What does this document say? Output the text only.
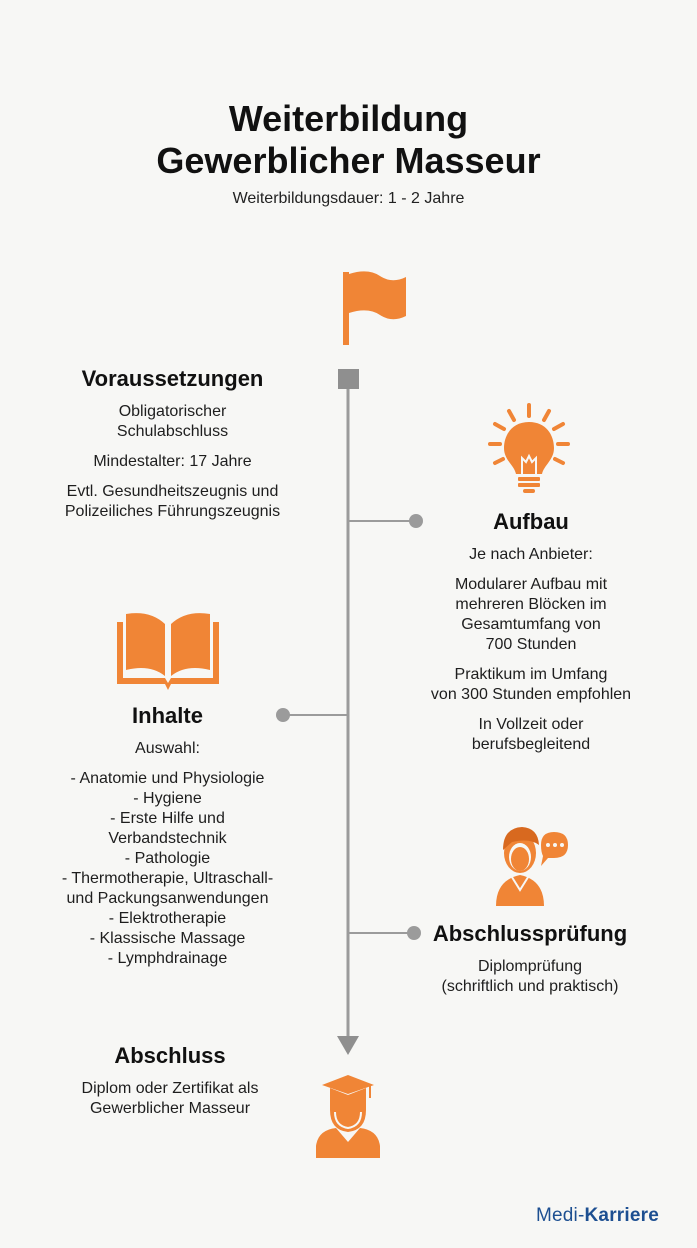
Weiterbildung
Gewerblicher Masseur
Weiterbildungsdauer: 1 - 2 Jahre
Voraussetzungen

Obligatorischer
Schulabschluss

Mindestalter: 17 Jahre

Evtl. Gesundheitszeugnis und
Polizeiliches Führungszeugnis	Aufbau

Je nach Anbieter:

Modularer Aufbau mit
mehreren Blöcken im
Gesamtumfang von
700 Stunden

Praktikum im Umfang
von 300 Stunden empfohlen

In Vollzeit oder
berufsbegleitend

Inhalte

Auswahl:

- Anatomie und Physiologie
- Hygiene
- Erste Hilfe und
Verbandstechnik
- Pathologie
- Thermotherapie, Ultraschall-
und Packungsanwendungen
- Elektrotherapie
- Klassische Massage
- Lymphdrainage
Abschlussprüfung

Diplomprüfung
(schriftlich und praktisch)

Abschluss

Diplom oder Zertifikat als
Gewerblicher Masseur

Medi-Karriere
